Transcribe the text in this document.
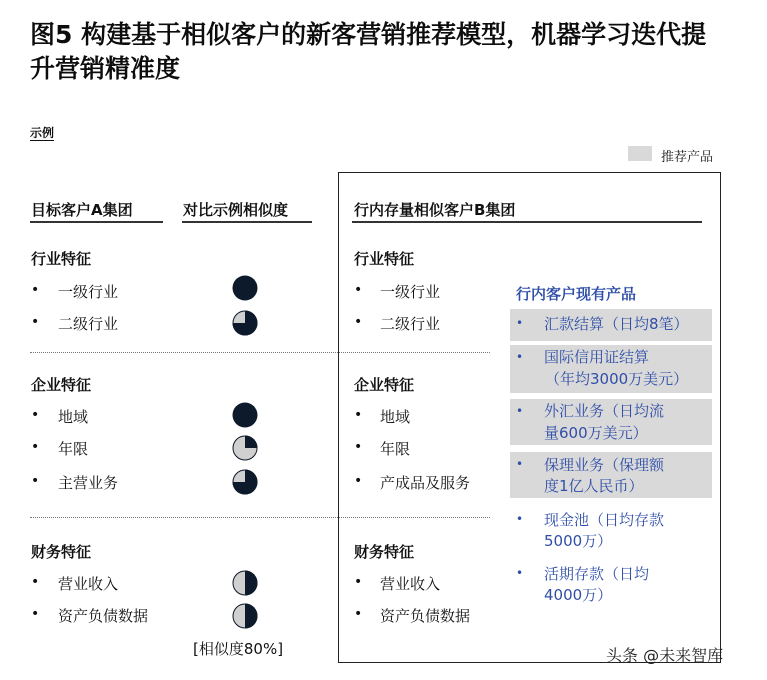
图5 构建基于相似客户的新客营销推荐模型，机器学习迭代提升营销精准度
示例
推荐产品
目标客户A集团	对比示例相似度	行内存量相似客户B集团
行业特征
• 一级行业
• 二级行业
企业特征
• 地域
• 年限
• 主营业务
财务特征
• 营业收入
• 资产负债数据
[相似度80%]
行业特征
• 一级行业
• 二级行业
企业特征
• 地域
• 年限
• 产成品及服务
财务特征
• 营业收入
• 资产负债数据
行内客户现有产品
• 汇款结算（日均8笔）
• 国际信用证结算
（年均3000万美元）
• 外汇业务（日均流
量600万美元）
• 保理业务（保理额
度1亿人民币）
• 现金池（日均存款
5000万）
• 活期存款（日均
4000万）
头条 @未来智库
